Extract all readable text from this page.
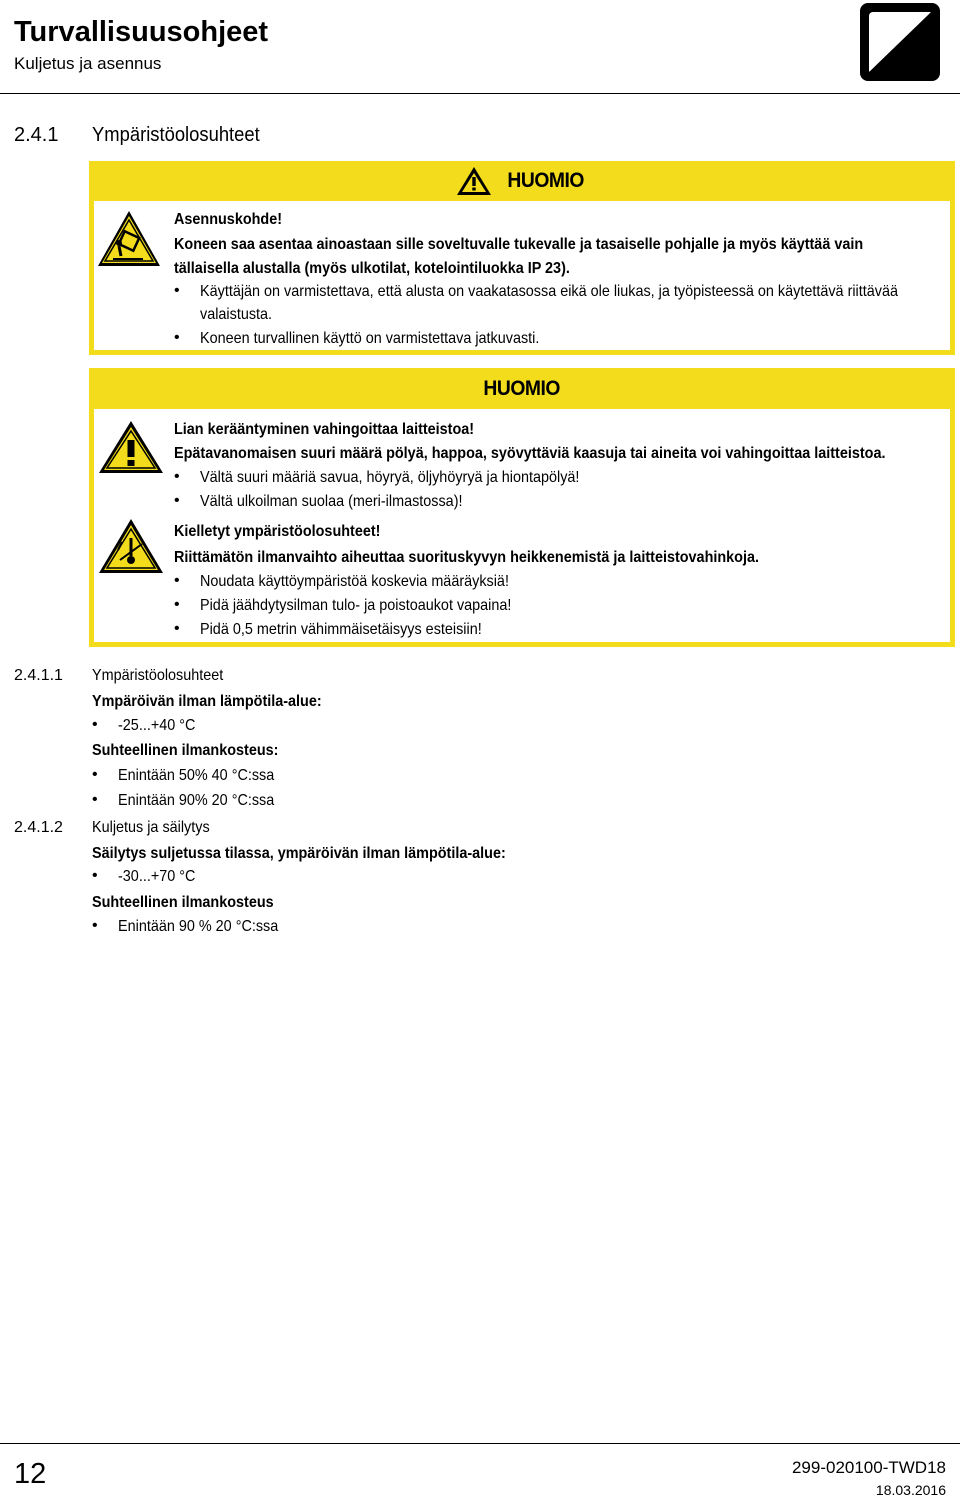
Turvallisuusohjeet
Kuljetus ja asennus
2.4.1	Ympäristöolosuhteet
HUOMIO
Asennuskohde!
Koneen saa asentaa ainoastaan sille soveltuvalle tukevalle ja tasaiselle pohjalle ja myös käyttää vain
tällaisella alustalla (myös ulkotilat, kotelointiluokka IP 23).
• Käyttäjän on varmistettava, että alusta on vaakatasossa eikä ole liukas, ja työpisteessä on käytettävä riittävää
valaistusta.
• Koneen turvallinen käyttö on varmistettava jatkuvasti.
HUOMIO
Lian kerääntyminen vahingoittaa laitteistoa!
Epätavanomaisen suuri määrä pölyä, happoa, syövyttäviä kaasuja tai aineita voi vahingoittaa laitteistoa.
• Vältä suuri määriä savua, höyryä, öljyhöyryä ja hiontapölyä!
• Vältä ulkoilman suolaa (meri-ilmastossa)!
Kielletyt ympäristöolosuhteet!
Riittämätön ilmanvaihto aiheuttaa suorituskyvyn heikkenemistä ja laitteistovahinkoja.
• Noudata käyttöympäristöä koskevia määräyksiä!
• Pidä jäähdytysilman tulo- ja poistoaukot vapaina!
• Pidä 0,5 metrin vähimmäisetäisyys esteisiin!
2.4.1.1 Ympäristöolosuhteet
Ympäröivän ilman lämpötila-alue:
• -25...+40 °C
Suhteellinen ilmankosteus:
• Enintään 50% 40 °C:ssa
• Enintään 90% 20 °C:ssa
2.4.1.2 Kuljetus ja säilytys
Säilytys suljetussa tilassa, ympäröivän ilman lämpötila-alue:
• -30...+70 °C
Suhteellinen ilmankosteus
• Enintään 90 % 20 °C:ssa
12	299-020100-TWD18
18.03.2016
